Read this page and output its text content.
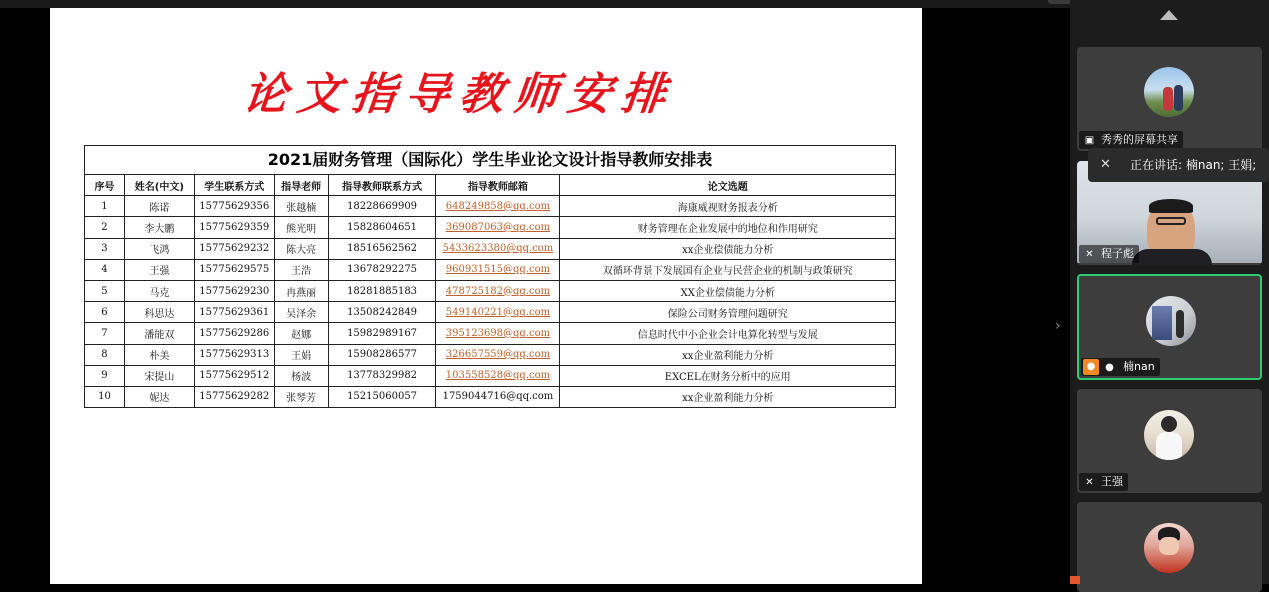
论文指导教师安排
2021届财务管理（国际化）学生毕业论文设计指导教师安排表
序号	姓名(中文)	学生联系方式	指导老师	指导教师联系方式	指导教师邮箱	论文选题
1	陈诺	15775629356	张越楠	18228669909	648249858@qq.com	海康威视财务报表分析
2	李大鹏	15775629359	熊光明	15828604651	369087063@qq.com	财务管理在企业发展中的地位和作用研究
3	飞鸿	15775629232	陈大亮	18516562562	5433623380@qq.com	xx企业偿债能力分析
4	王强	15775629575	王浩	13678292275	960931515@qq.com	双循环背景下发展国有企业与民营企业的机制与政策研究
5	马克	15775629230	冉燕丽	18281885183	478725182@qq.com	XX企业偿债能力分析
6	科思达	15775629361	吴泽余	13508242849	549140221@qq.com	保险公司财务管理问题研究
7	潘能双	15775629286	赵娜	15982989167	395123698@qq.com	信息时代中小企业会计电算化转型与发展
8	朴美	15775629313	王娟	15908286577	326657559@qq.com	xx企业盈利能力分析
9	宋提山	15775629512	杨波	13778329982	103558528@qq.com	EXCEL在财务分析中的应用
10	妮达	15775629282	张琴芳	15215060057	1759044716@qq.com	xx企业盈利能力分析
›
▣ 秀秀的屏幕共享
✕ 程子彪
● ● 楠nan
✕ 王强
✕ 正在讲话: 楠nan; 王娟;
